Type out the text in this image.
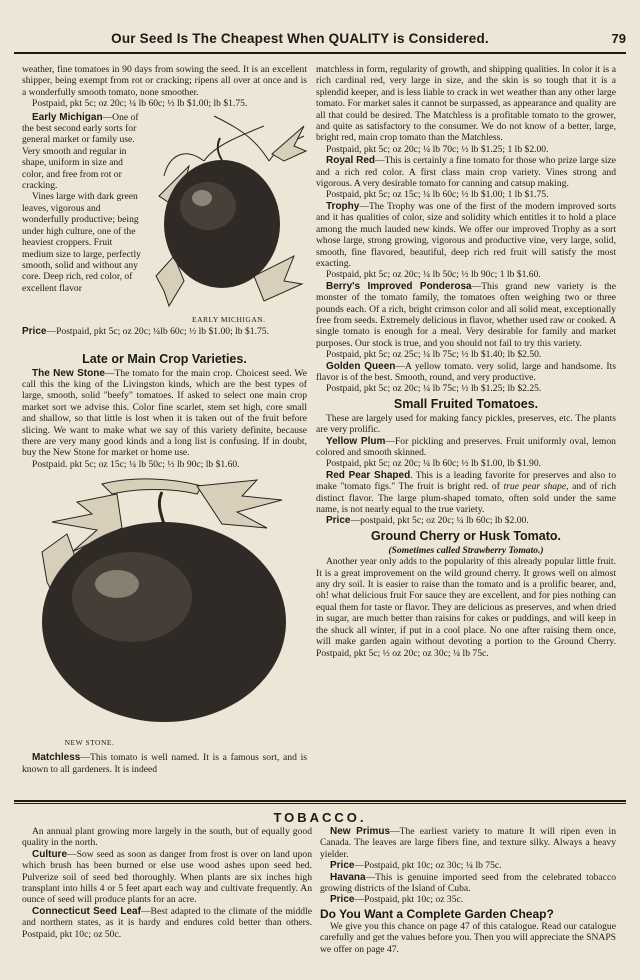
Our Seed Is The Cheapest When QUALITY is Considered.	79

weather, fine tomatoes in 90 days from sowing the seed. It is an excellent shipper, being exempt from rot or cracking; ripens all over at once and is a wonderfully smooth tomato, none smoother.

Postpaid, pkt 5c; oz 20c; ¼ lb 60c; ½ lb $1.00; lb $1.75.

Early Michigan—One of the best second early sorts for general market or family use. Very smooth and regular in shape, uniform in size and color, and free from rot or cracking.

Vines large with dark green leaves, vigorous and wonderfully productive; being under high culture, one of the heaviest croppers. Fruit medium size to large, perfectly smooth, solid and without any core. Deep rich, red color, of excellent flavor

EARLY MICHIGAN.

Price—Postpaid, pkt 5c; oz 20c; ¼lb 60c; ½ lb $1.00; lb $1.75.

Late or Main Crop Varieties.

The New Stone—The tomato for the main crop. Choicest seed. We call this the king of the Livingston kinds, which are the best types of large, smooth, solid "beefy" tomatoes. If asked to select one main crop market sort we advise this. Color fine scarlet, stem set high, core small and shallow, so that little is lost when it is taken out of the fruit before slicing. We want to make what we say of this variety definite, because there are very many good kinds and a long list is confusing. If in doubt, buy the New Stone for market or home use.

Postpaid. pkt 5c; oz 15c; ¼ lb 50c; ½ lb 90c; lb $1.60.

NEW STONE.

Matchless—This tomato is well named. It is a famous sort, and is known to all gardeners. It is indeed

matchless in form, regularity of growth, and shipping qualities. In color it is a rich cardinal red, very large in size, and the skin is so tough that it is a splendid keeper, and is less liable to crack in wet weather than any other large tomato. For market sales it cannot be surpassed, as appearance and quality are all that could be desired. The Matchless is a profitable tomato to the grower, and quite as satisfactory to the consumer. We do not know of a better, large, bright red, main crop tomato than the Matchless.

Postpaid, pkt 5c; oz 20c; ¼ lb 70c; ½ lb $1.25; 1 lb $2.00.

Royal Red—This is certainly a fine tomato for those who prize large size and a rich red color. A first class main crop variety. Vines strong and vigorous. A very desirable tomato for canning and catsup making.

Postpaid, pkt 5c; oz 15c; ¼ lb 60c; ½ lb $1.00; 1 lb $1.75.

Trophy—The Trophy was one of the first of the modern improved sorts and it has qualities of color, size and solidity which entitles it to hold a place among the much lauded new kinds. We offer our improved Trophy as a sort whose large, strong growing, vigorous and productive vine, very large, solid, smooth, fine flavored, beautiful, deep rich red fruit will satisfy the most exacting.

Postpaid, pkt 5c; oz 20c; ¼ lb 50c; ½ lb 90c; 1 lb $1.60.

Berry's Improved Ponderosa—This grand new variety is the monster of the tomato family, the tomatoes often weighing two or three pounds each. Of a rich, bright crimson color and all solid meat, exceptionally free from seeds. Extremely delicious in flavor, whether used raw or cooked. A single tomato is enough for a meal. Very desirable for family and market purposes. Our stock is true, and you should not fail to try this variety.

Postpaid, pkt 5c; oz 25c; ¼ lb 75c; ½ lb $1.40; lb $2.50.

Golden Queen—A yellow tomato. very solid, large and handsome. Its flavor is of the best. Smooth, round, and very productive.

Postpaid, pkt 5c; oz 20c; ¼ lb 75c; ½ lb $1.25; lb $2.25.

Small Fruited Tomatoes.

These are largely used for making fancy pickles, preserves, etc. The plants are very prolific.

Yellow Plum—For pickling and preserves. Fruit uniformly oval, lemon colored and smooth skinned.

Postpaid, pkt 5c; oz 20c; ¼ lb 60c; ½ lb $1.00, lb $1.90.

Red Pear Shaped. This is a leading favorite for preserves and also to make "tomato figs." The fruit is bright red. of true pear shape, and of rich distinct flavor. The large plum-shaped tomato, often sold under the same name, is not nearly equal to the true variety.

Price—postpaid, pkt 5c; oz 20c; ¼ lb 60c; lb $2.00.

Ground Cherry or Husk Tomato.
(Sometimes called Strawberry Tomato.)

Another year only adds to the popularity of this already popular little fruit. It is a great improvement on the wild ground cherry. It grows well on almost any dry soil. It is easier to raise than the tomato and is a prolific bearer, and, oh! what delicious fruit For sauce they are excellent, and for pies nothing can equal them for taste or flavor. They are delicious as preserves, and when dried in sugar, are much better than raisins for cakes or puddings, and will keep in the shuck all winter, if put in a cool place. No one after raising them once, will make garden again without devoting a portion to the Ground Cherry. Postpaid, pkt 5c; ½ oz 20c; oz 30c; ¼ lb 75c.

TOBACCO.

An annual plant growing more largely in the south, but of equally good quality in the north.

Culture—Sow seed as soon as danger from frost is over on land upon which brush has been burned or else use wood ashes upon seed bed. Pulverize soil of seed bed thoroughly. When plants are six inches high transplant into hills 4 or 5 feet apart each way and cultivate frequently. An ounce of seed will produce plants for an acre.

Connecticut Seed Leaf—Best adapted to the climate of the middle and northern states, as it is hardy and endures cold better than others. Postpaid, pkt 10c; oz 50c.

New Primus—The earliest variety to mature It will ripen even in Canada. The leaves are large fibers fine, and texture silky. Always a heavy yielder.

Price—Postpaid, pkt 10c; oz 30c; ¼ lb 75c.

Havana—This is genuine imported seed from the celebrated tobacco growing districts of the Island of Cuba.

Price—Postpaid, pkt 10c; oz 35c.

Do You Want a Complete Garden Cheap?

We give you this chance on page 47 of this catalogue. Read our catalogue carefully and get the values before you. Then you will appreciate the SNAPS we offer on page 47.
